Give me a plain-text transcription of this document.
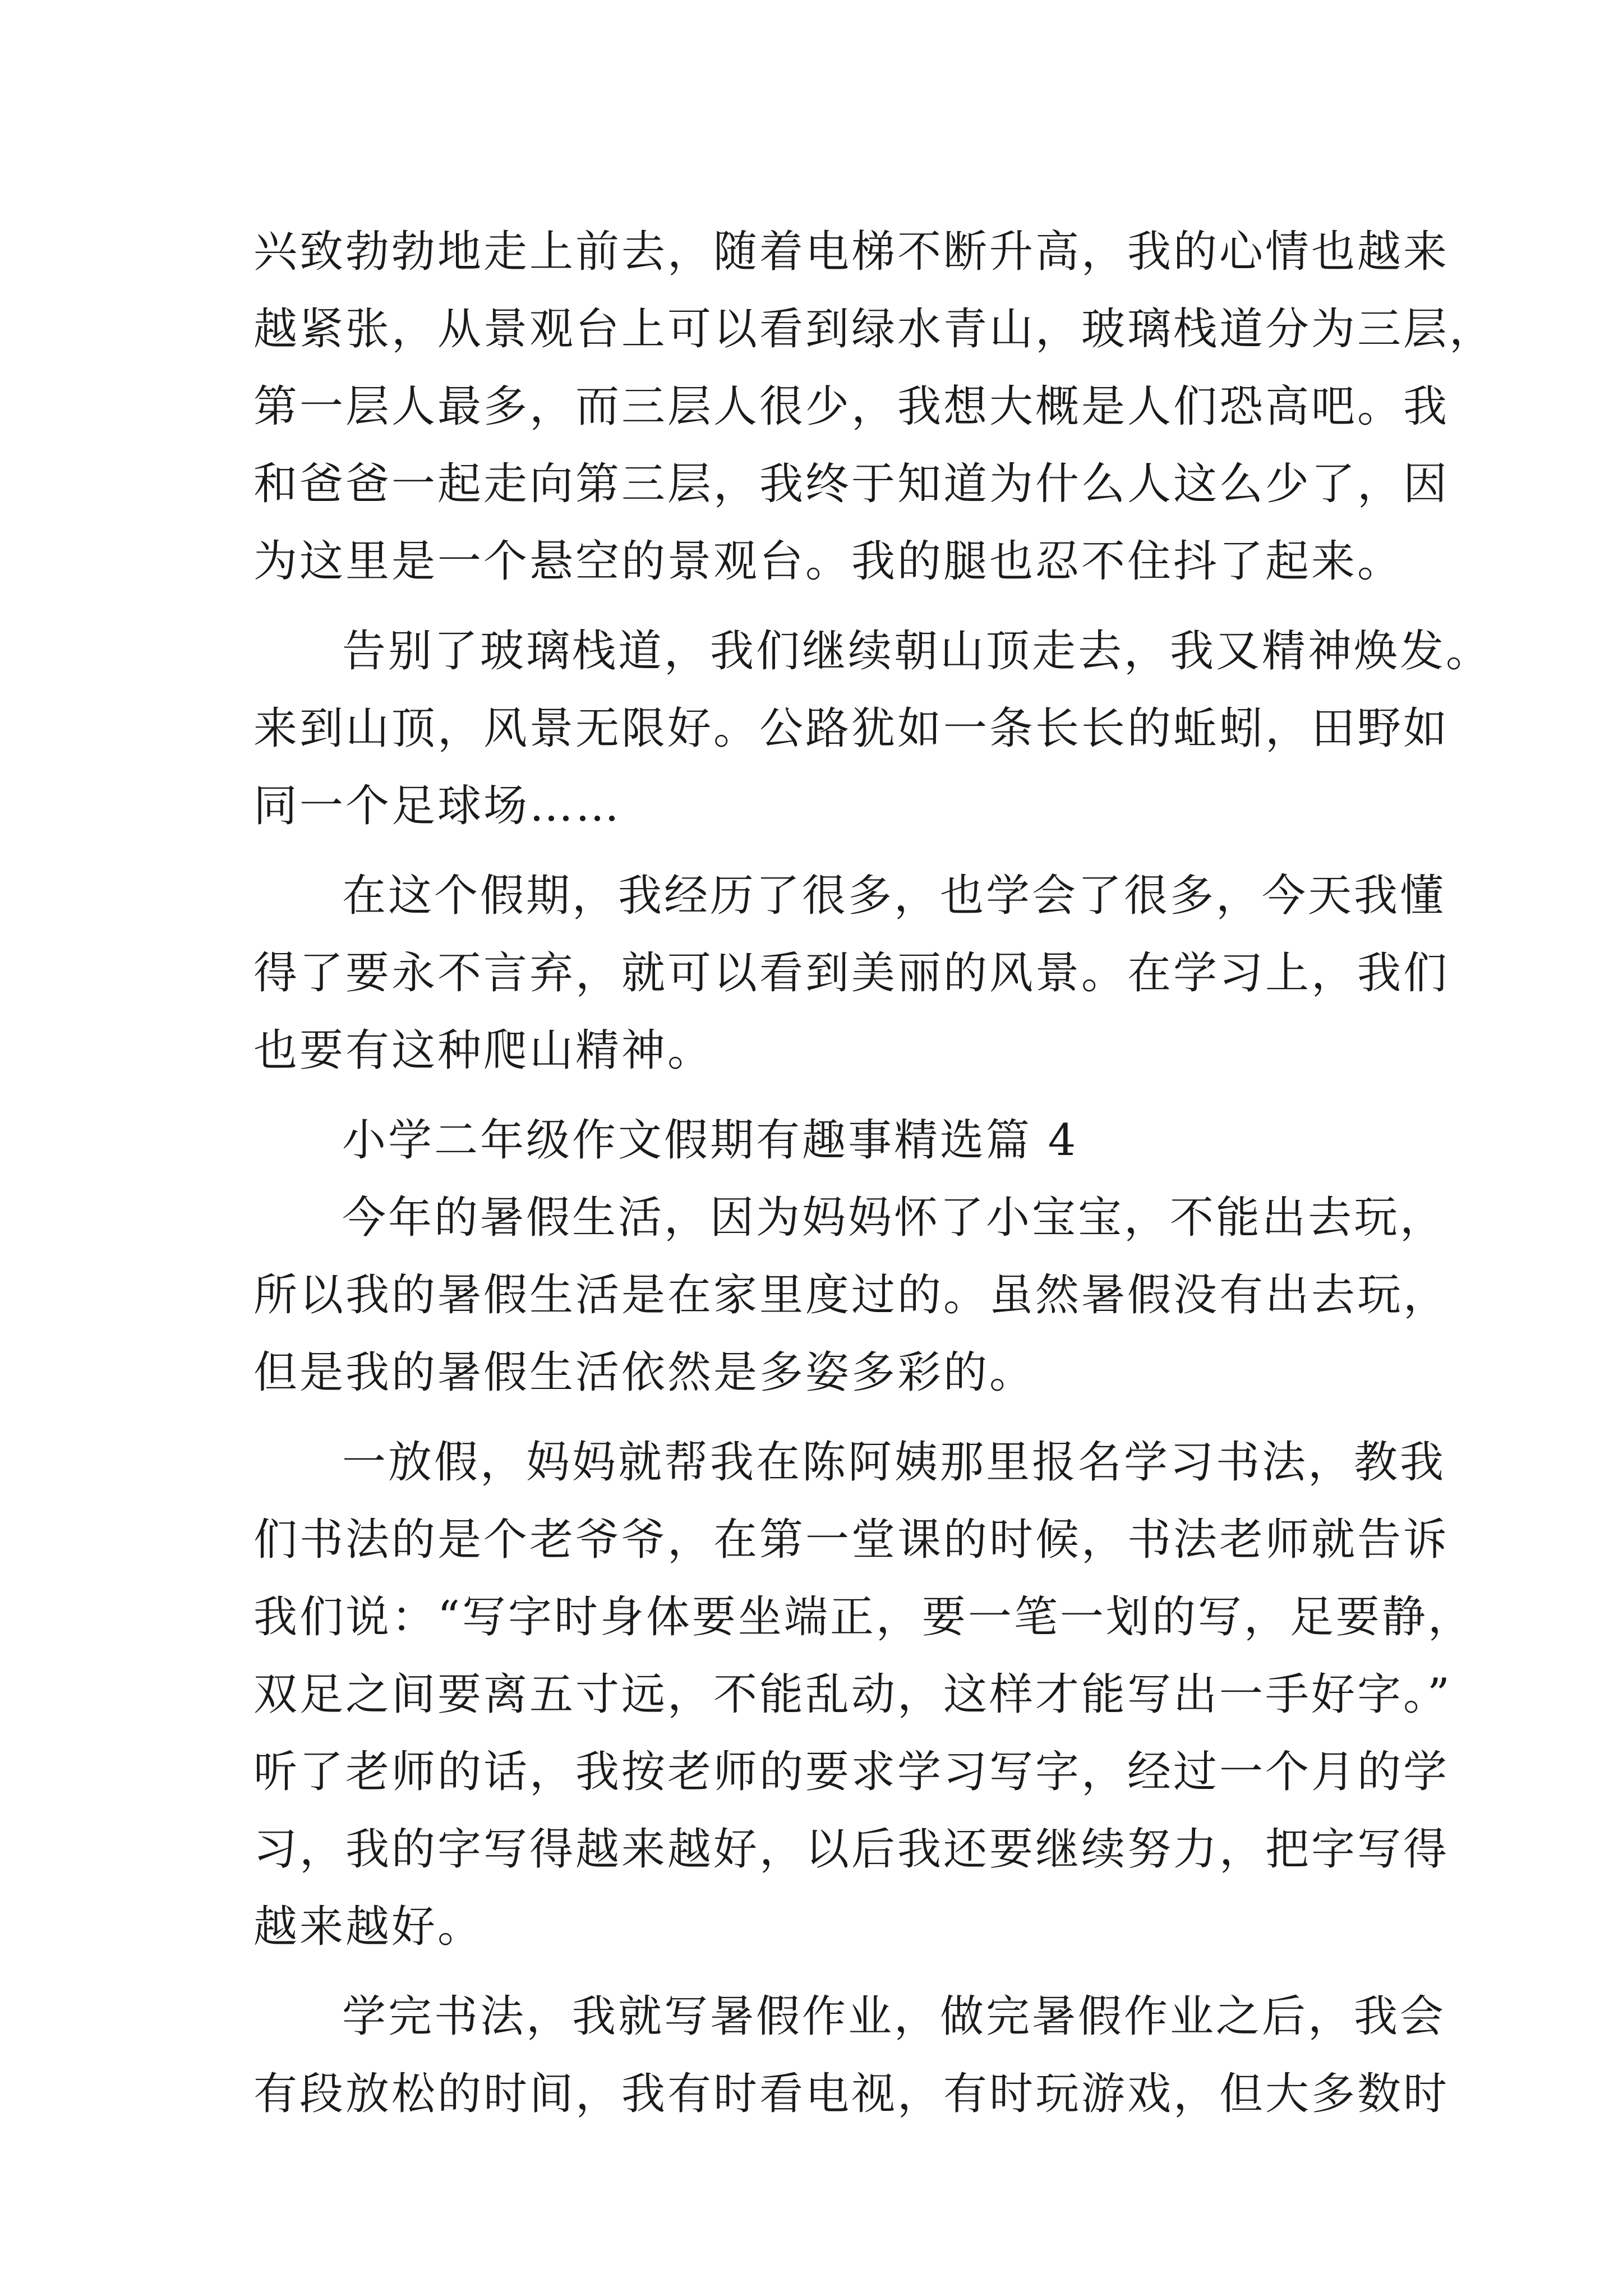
兴致勃勃地走上前去，随着电梯不断升高，我的心情也越来
越紧张，从景观台上可以看到绿水青山，玻璃栈道分为三层，
第一层人最多，而三层人很少，我想大概是人们恐高吧。我
和爸爸一起走向第三层，我终于知道为什么人这么少了，因
为这里是一个悬空的景观台。我的腿也忍不住抖了起来。
告别了玻璃栈道，我们继续朝山顶走去，我又精神焕发。
来到山顶，风景无限好。公路犹如一条长长的蚯蚓，田野如
同一个足球场……
在这个假期，我经历了很多，也学会了很多，今天我懂
得了要永不言弃，就可以看到美丽的风景。在学习上，我们
也要有这种爬山精神。
小学二年级作文假期有趣事精选篇 4
今年的暑假生活，因为妈妈怀了小宝宝，不能出去玩，
所以我的暑假生活是在家里度过的。虽然暑假没有出去玩，
但是我的暑假生活依然是多姿多彩的。
一放假，妈妈就帮我在陈阿姨那里报名学习书法，教我
们书法的是个老爷爷，在第一堂课的时候，书法老师就告诉
我们说：“写字时身体要坐端正，要一笔一划的写，足要静，
双足之间要离五寸远，不能乱动，这样才能写出一手好字。”
听了老师的话，我按老师的要求学习写字，经过一个月的学
习，我的字写得越来越好，以后我还要继续努力，把字写得
越来越好。
学完书法，我就写暑假作业，做完暑假作业之后，我会
有段放松的时间，我有时看电视，有时玩游戏，但大多数时
